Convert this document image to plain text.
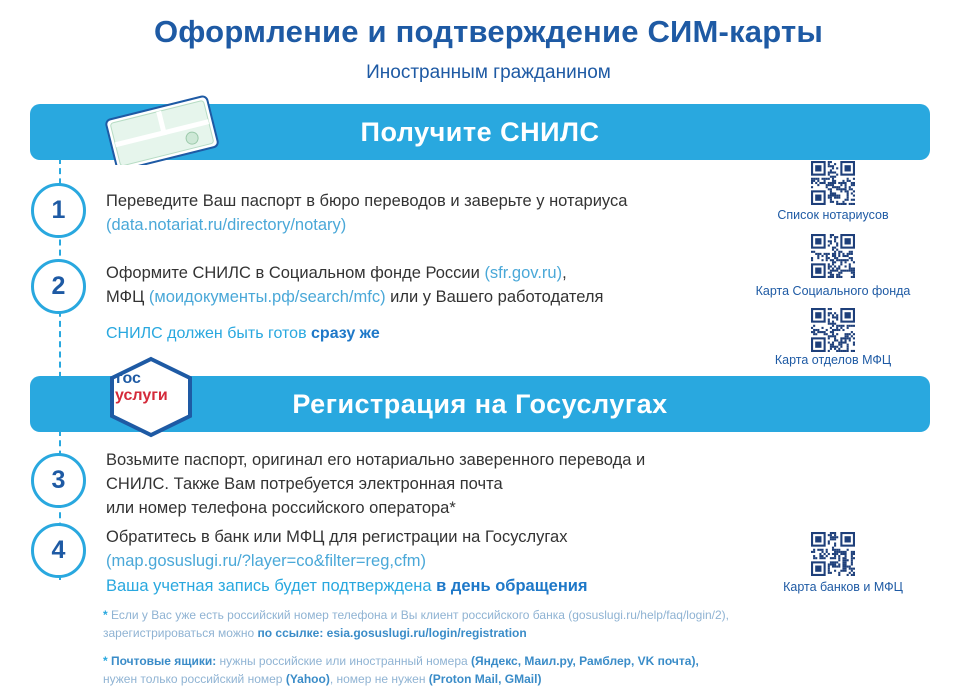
Оформление и подтверждение СИМ-карты
Иностранным гражданином
Получите СНИЛС
1	Переведите Ваш паспорт в бюро переводов и заверьте у нотариуса
(data.notariat.ru/directory/notary)
2	Оформите СНИЛС в Социальном фонде России (sfr.gov.ru),
МФЦ (моидокументы.рф/search/mfc) или у Вашего работодателя
СНИЛС должен быть готов сразу же
Регистрация на Госуслугах
гос
услуги
3
Возьмите паспорт, оригинал его нотариально заверенного перевода и
СНИЛС. Также Вам потребуется электронная почта
или номер телефона российского оператора*
4	Обратитесь в банк или МФЦ для регистрации на Госуслугах
(map.gosuslugi.ru/?layer=co&filter=reg,cfm)
Ваша учетная запись будет подтверждена в день обращения
Список нотариусов
Карта Социального фонда
Карта отделов МФЦ
Карта банков и МФЦ
* Если у Вас уже есть российский номер телефона и Вы клиент российского банка (gosuslugi.ru/help/faq/login/2),
зарегистрироваться можно по ссылке: esia.gosuslugi.ru/login/registration
* Почтовые ящики: нужны российские или иностранный номера (Яндекс, Маил.ру, Рамблер, VK почта),
нужен только российский номер (Yahoo), номер не нужен (Proton Mail, GMail)
